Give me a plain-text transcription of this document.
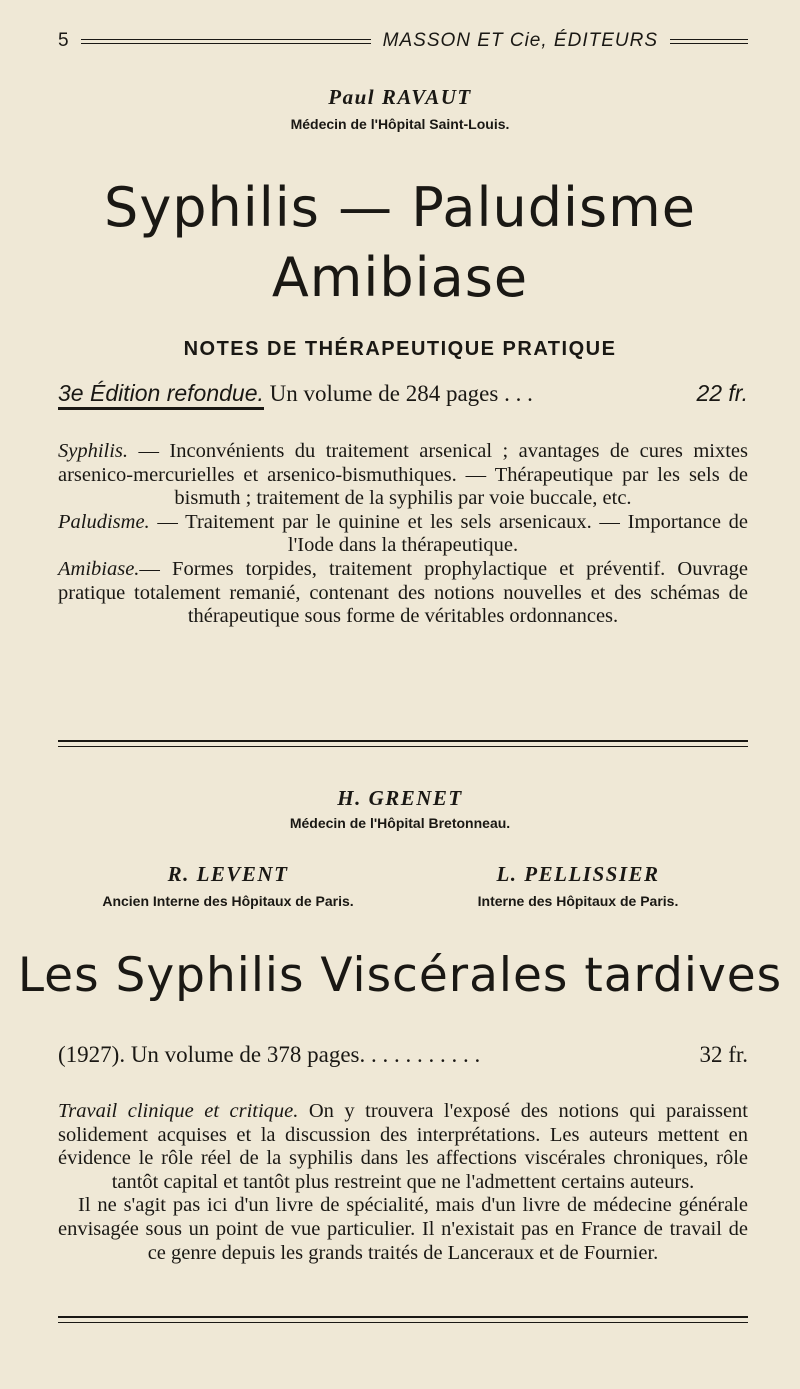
5	MASSON ET Cie, ÉDITEURS
Paul RAVAUT
Médecin de l'Hôpital Saint-Louis.
Syphilis — Paludisme
Amibiase
NOTES DE THÉRAPEUTIQUE PRATIQUE
3e Édition refondue. Un volume de 284 pages . . .	22 fr.

Syphilis. — Inconvénients du traitement arsenical ; avantages de cures mixtes arsenico-mercurielles et arsenico-bismuthiques. — Thérapeutique par les sels de bismuth ; traitement de la syphilis par voie buccale, etc.

Paludisme. — Traitement par le quinine et les sels arsenicaux. — Importance de l'Iode dans la thérapeutique.

Amibiase.— Formes torpides, traitement prophylactique et préventif. Ouvrage pratique totalement remanié, contenant des notions nouvelles et des schémas de thérapeutique sous forme de véritables ordonnances.

H. GRENET
Médecin de l'Hôpital Bretonneau.
R. LEVENT
Ancien Interne des Hôpitaux de Paris.
L. PELLISSIER
Interne des Hôpitaux de Paris.
Les Syphilis Viscérales tardives
(1927). Un volume de 378 pages. . . . . . . . . . .	32 fr.

Travail clinique et critique. On y trouvera l'exposé des notions qui paraissent solidement acquises et la discussion des interprétations. Les auteurs mettent en évidence le rôle réel de la syphilis dans les affections viscérales chroniques, rôle tantôt capital et tantôt plus restreint que ne l'admettent certains auteurs.

Il ne s'agit pas ici d'un livre de spécialité, mais d'un livre de médecine générale envisagée sous un point de vue particulier. Il n'existait pas en France de travail de ce genre depuis les grands traités de Lanceraux et de Fournier.
